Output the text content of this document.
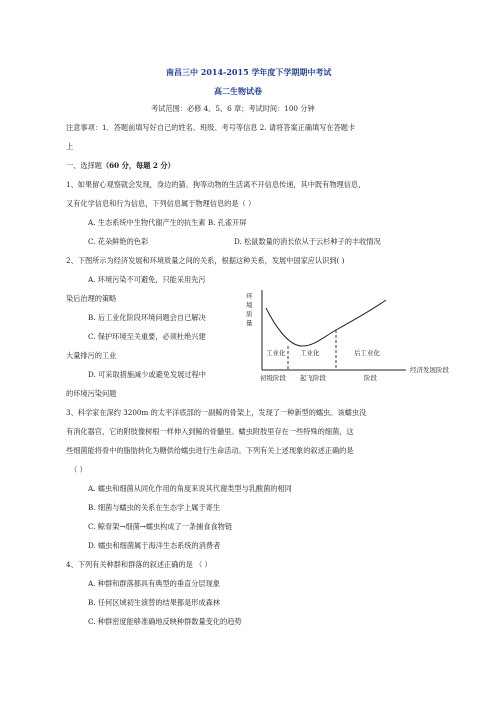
南昌三中 2014-2015 学年度下学期期中考试
高二生物试卷
考试范围：必修 4、5、6 章；考试时间：100 分钟
注意事项：1．答题前填写好自己的姓名、班级、考号等信息 2. 请将答案正确填写在答题卡
上
一、选择题（60 分，每题 2 分）
1、如果留心观察就会发现，身边的猫、狗等动物的生活离不开信息传递，其中既有物理信息，
又有化学信息和行为信息，下列信息属于物理信息的是（ ）
A. 生态系统中生物代谢产生的抗生素 B. 孔雀开屏
C. 花朵鲜艳的色彩	D. 松鼠数量的消长依从于云杉种子的丰收情况
2、下图所示为经济发展和环境质量之间的关系，根据这种关系，发展中国家应认识到( )
A. 环境污染不可避免，只能采用先污
染后治理的策略
B. 后工业化阶段环境问题会自已解决
C. 保护环境至关重要，必须杜绝兴建
大量排污的工业
D. 可采取措施减少或避免发展过程中
的环境污染问题
环
境
质
量
工业化
初级阶段
工业化
起飞阶段
后工业化
阶段
经济发展阶段
3、科学家在深约 3200m 的太平洋底部的一副鲸的骨架上，发现了一种新型的蠕虫。该蠕虫没
有消化器官，它的附肢像树根一样伸入到鲸的骨髓里。蠕虫附肢里存在一些特殊的细菌，这
些细菌能将骨中的脂肪转化为糖供给蠕虫进行生命活动。下列有关上述现象的叙述正确的是
（ ）
A. 蠕虫和细菌从同化作用的角度来说其代谢类型与乳酸菌的相同
B. 细菌与蠕虫的关系在生态学上属于寄生
C. 鲸骨架→细菌→蠕虫构成了一条捕食食物链
D. 蠕虫和细菌属于海洋生态系统的消费者
4、下列有关种群和群落的叙述正确的是 （ ）
A. 种群和群落都具有典型的垂直分层现象
B. 任何区域初生演替的结果都是形成森林
C. 种群密度能够准确地反映种群数量变化的趋势
